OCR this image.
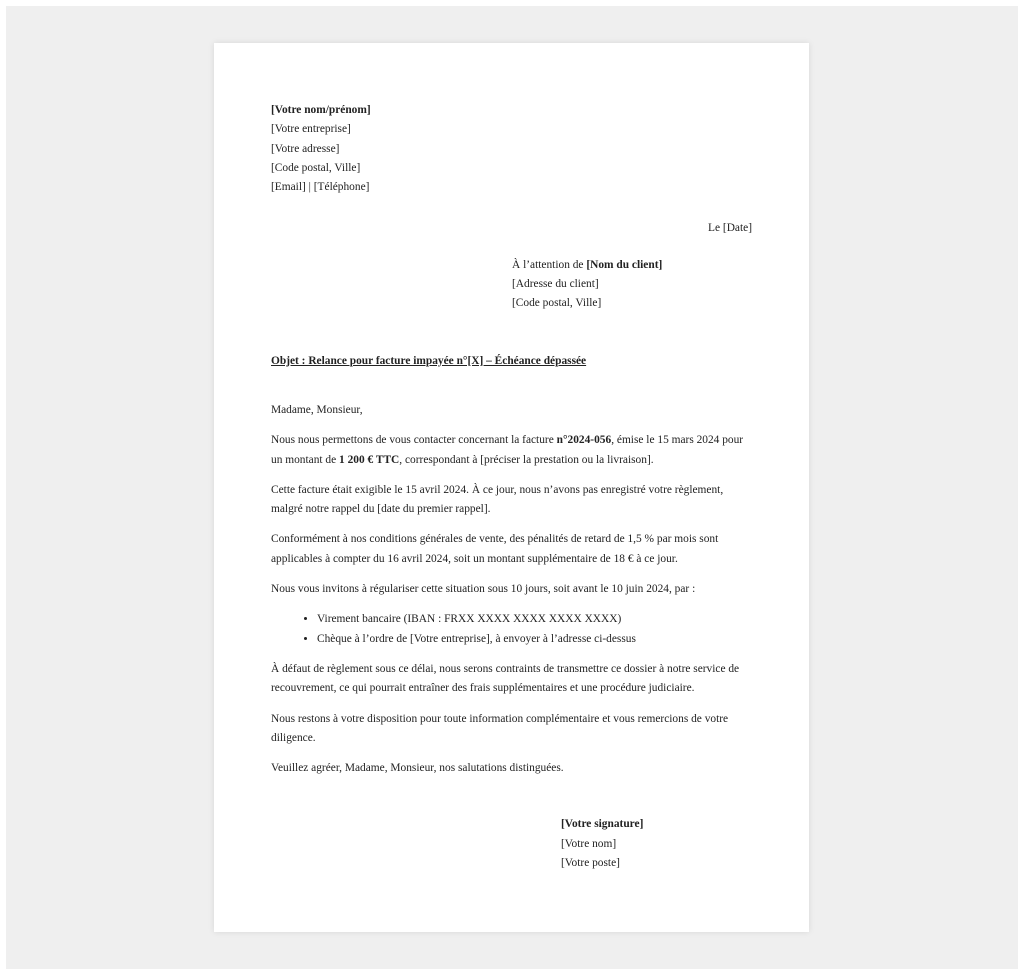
[Votre nom/prénom]
[Votre entreprise]
[Votre adresse]
[Code postal, Ville]
[Email] | [Téléphone]
Le [Date]
À l’attention de [Nom du client]
[Adresse du client]
[Code postal, Ville]
Objet : Relance pour facture impayée n°[X] – Échéance dépassée
Madame, Monsieur,

Nous nous permettons de vous contacter concernant la facture n°2024-056, émise le 15 mars 2024 pour un montant de 1 200 € TTC, correspondant à [préciser la prestation ou la livraison].

Cette facture était exigible le 15 avril 2024. À ce jour, nous n’avons pas enregistré votre règlement, malgré notre rappel du [date du premier rappel].

Conformément à nos conditions générales de vente, des pénalités de retard de 1,5 % par mois sont applicables à compter du 16 avril 2024, soit un montant supplémentaire de 18 € à ce jour.

Nous vous invitons à régulariser cette situation sous 10 jours, soit avant le 10 juin 2024, par :

• Virement bancaire (IBAN : FRXX XXXX XXXX XXXX XXXX)
• Chèque à l’ordre de [Votre entreprise], à envoyer à l’adresse ci-dessus

À défaut de règlement sous ce délai, nous serons contraints de transmettre ce dossier à notre service de recouvrement, ce qui pourrait entraîner des frais supplémentaires et une procédure judiciaire.

Nous restons à votre disposition pour toute information complémentaire et vous remercions de votre diligence.

Veuillez agréer, Madame, Monsieur, nos salutations distinguées.

[Votre signature]
[Votre nom]
[Votre poste]
